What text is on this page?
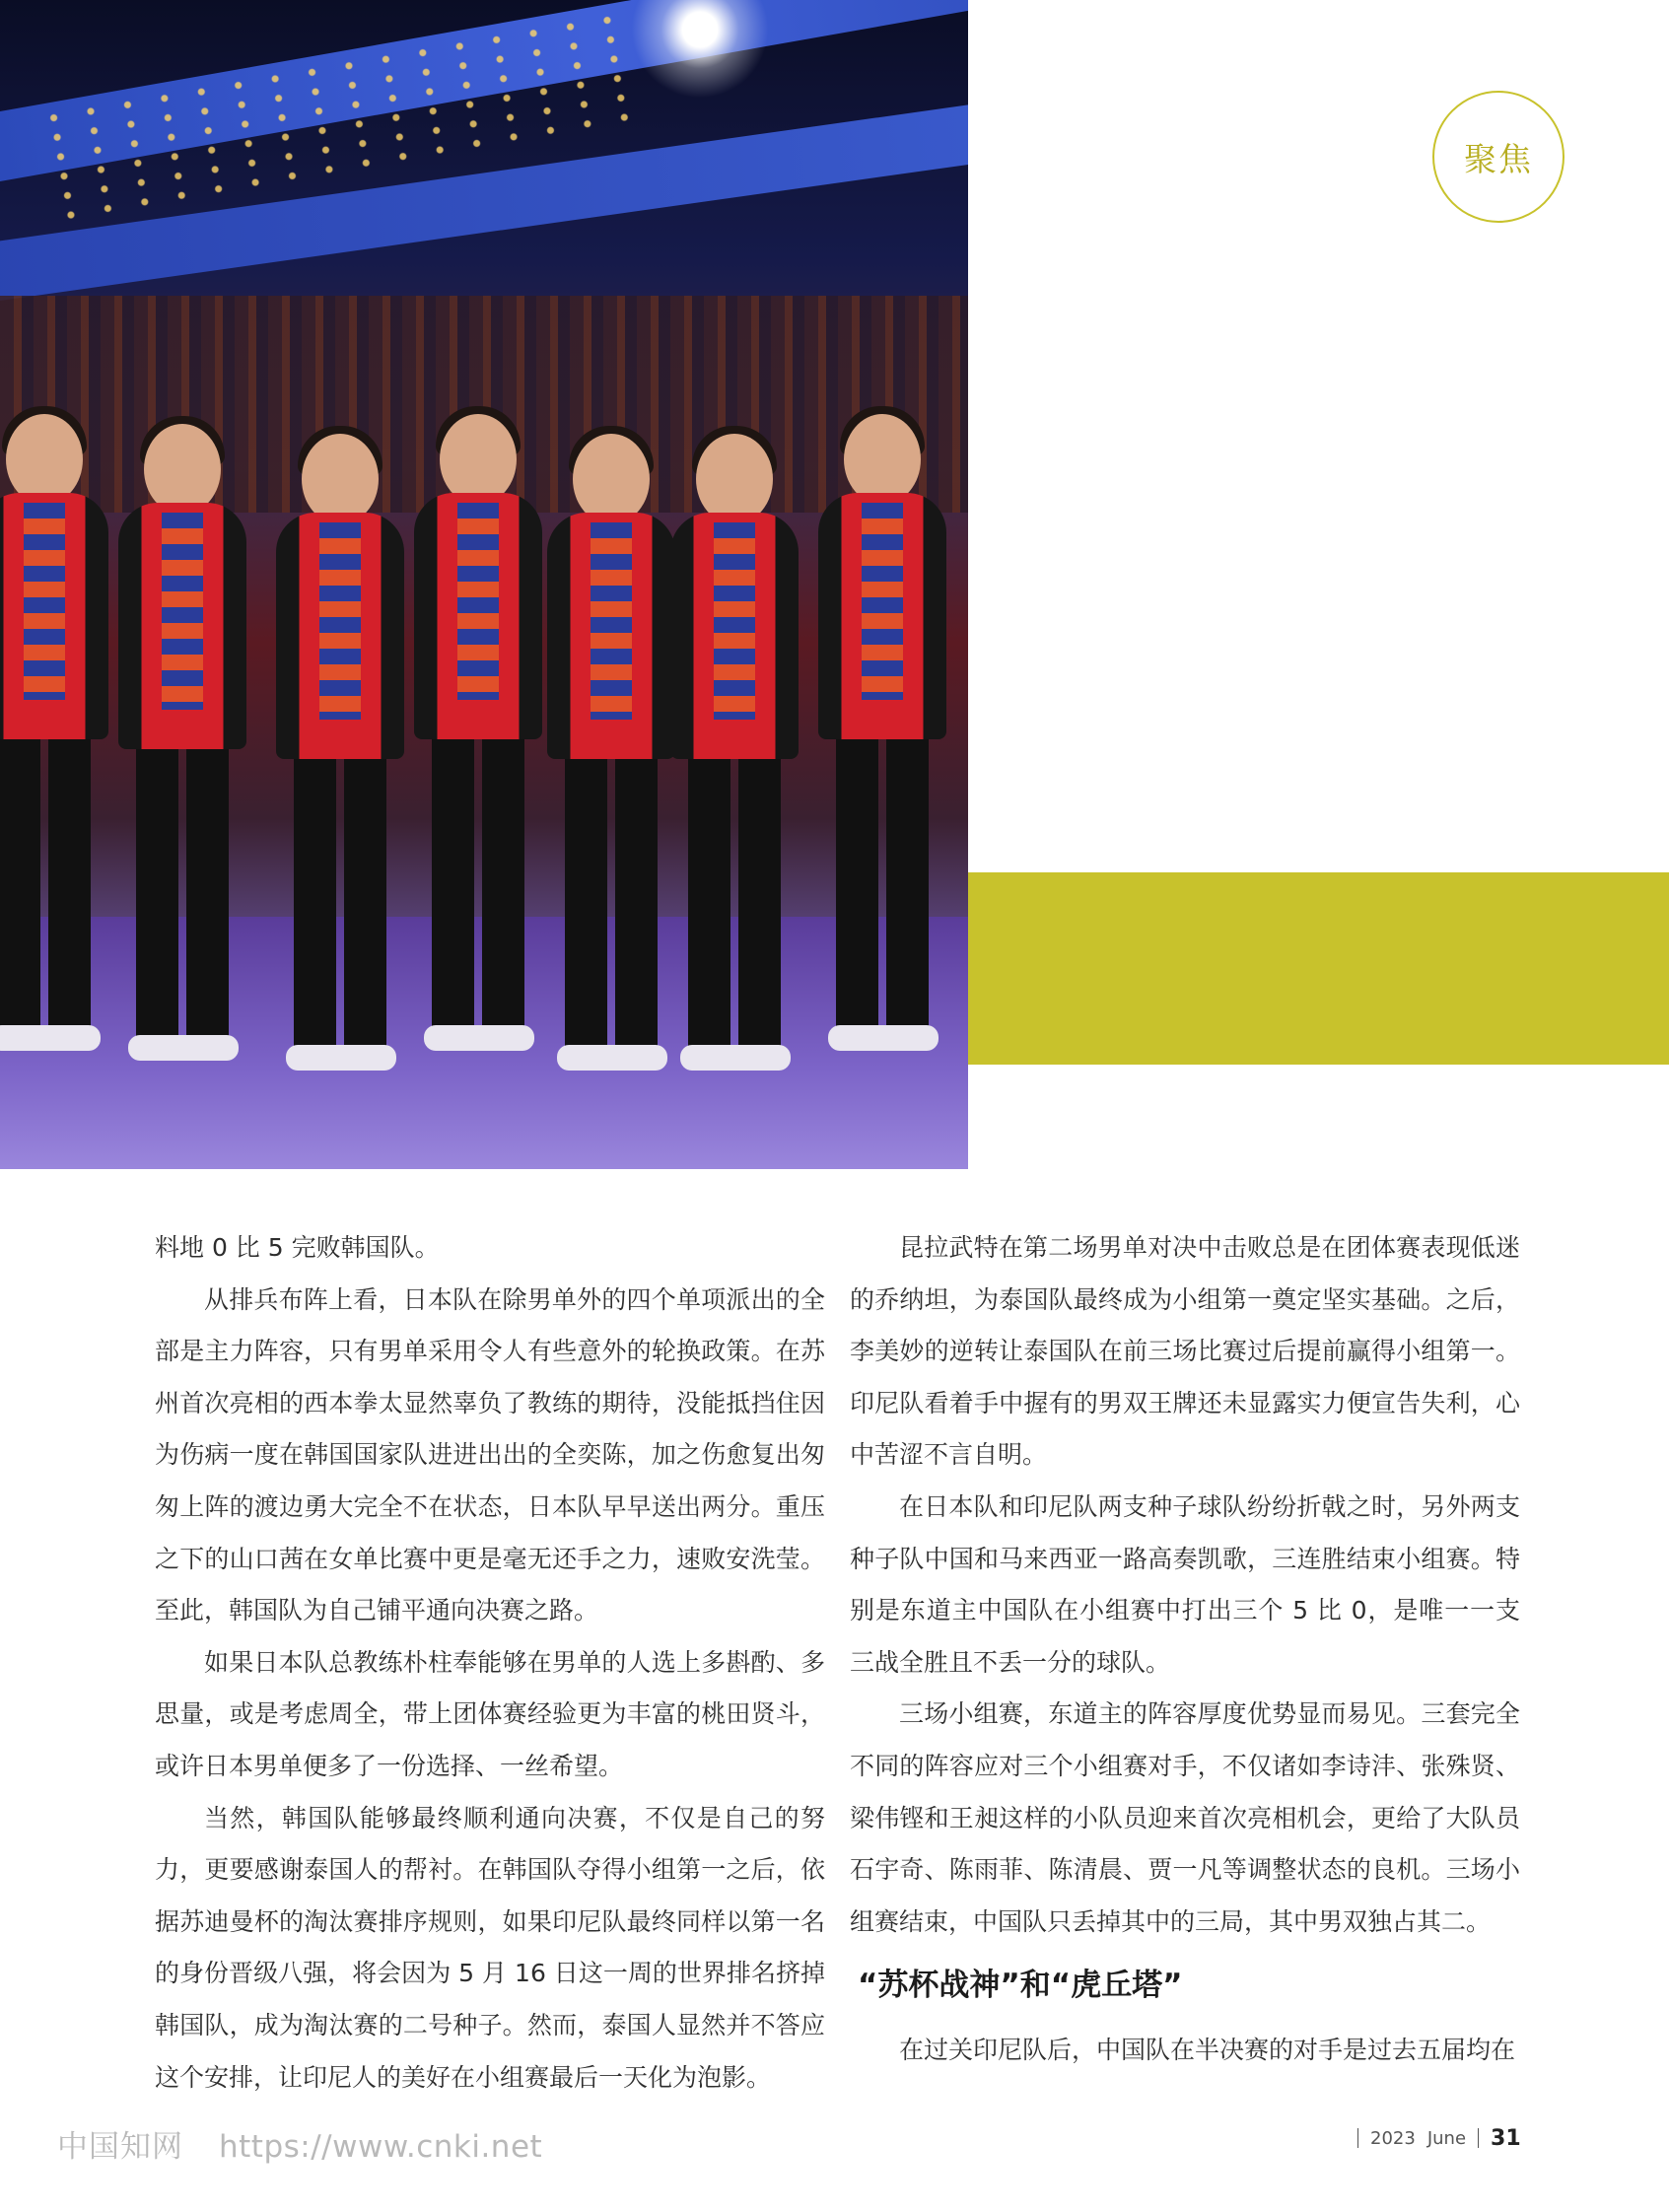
聚焦

料地 0 比 5 完败韩国队。

从排兵布阵上看，日本队在除男单外的四个单项派出的全部是主力阵容，只有男单采用令人有些意外的轮换政策。在苏州首次亮相的西本拳太显然辜负了教练的期待，没能抵挡住因为伤病一度在韩国国家队进进出出的全奕陈，加之伤愈复出匆匆上阵的渡边勇大完全不在状态，日本队早早送出两分。重压之下的山口茜在女单比赛中更是毫无还手之力，速败安洗莹。至此，韩国队为自己铺平通向决赛之路。

如果日本队总教练朴柱奉能够在男单的人选上多斟酌、多思量，或是考虑周全，带上团体赛经验更为丰富的桃田贤斗，或许日本男单便多了一份选择、一丝希望。

当然，韩国队能够最终顺利通向决赛，不仅是自己的努力，更要感谢泰国人的帮衬。在韩国队夺得小组第一之后，依据苏迪曼杯的淘汰赛排序规则，如果印尼队最终同样以第一名的身份晋级八强，将会因为 5 月 16 日这一周的世界排名挤掉韩国队，成为淘汰赛的二号种子。然而，泰国人显然并不答应这个安排，让印尼人的美好在小组赛最后一天化为泡影。

昆拉武特在第二场男单对决中击败总是在团体赛表现低迷的乔纳坦，为泰国队最终成为小组第一奠定坚实基础。之后，李美妙的逆转让泰国队在前三场比赛过后提前赢得小组第一。印尼队看着手中握有的男双王牌还未显露实力便宣告失利，心中苦涩不言自明。

在日本队和印尼队两支种子球队纷纷折戟之时，另外两支种子队中国和马来西亚一路高奏凯歌，三连胜结束小组赛。特别是东道主中国队在小组赛中打出三个 5 比 0，是唯一一支三战全胜且不丢一分的球队。

三场小组赛，东道主的阵容厚度优势显而易见。三套完全不同的阵容应对三个小组赛对手，不仅诸如李诗沣、张殊贤、梁伟铿和王昶这样的小队员迎来首次亮相机会，更给了大队员石宇奇、陈雨菲、陈清晨、贾一凡等调整状态的良机。三场小组赛结束，中国队只丢掉其中的三局，其中男双独占其二。

“苏杯战神”和“虎丘塔”

在过关印尼队后，中国队在半决赛的对手是过去五届均在

中国知网 https://www.cnki.net	2023 June 31
